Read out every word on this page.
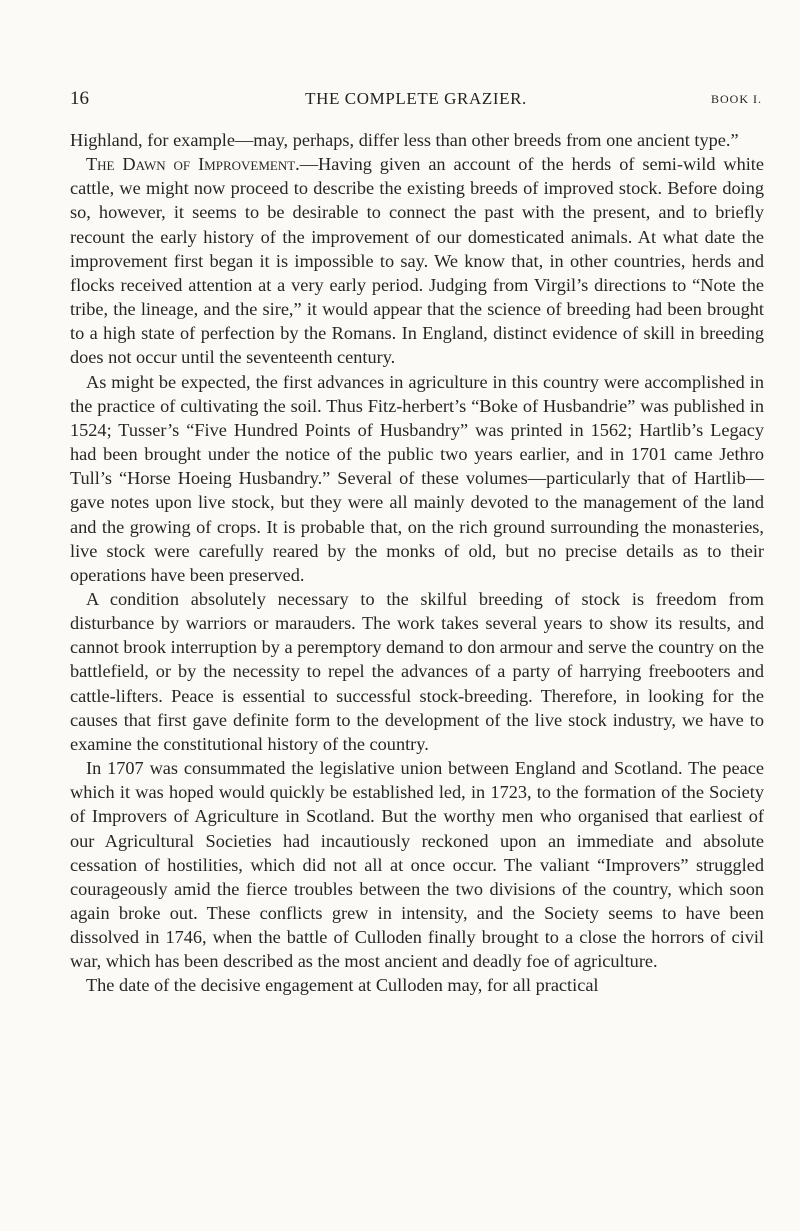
16	THE COMPLETE GRAZIER.	BOOK I.

Highland, for example—may, perhaps, differ less than other breeds from one ancient type.”

The Dawn of Improvement.—Having given an account of the herds of semi-wild white cattle, we might now proceed to describe the existing breeds of improved stock. Before doing so, however, it seems to be desirable to connect the past with the present, and to briefly recount the early history of the improvement of our domesticated animals. At what date the improvement first began it is impossible to say. We know that, in other countries, herds and flocks received attention at a very early period. Judging from Virgil’s directions to “Note the tribe, the lineage, and the sire,” it would appear that the science of breeding had been brought to a high state of perfection by the Romans. In England, distinct evidence of skill in breeding does not occur until the seventeenth century.

As might be expected, the first advances in agriculture in this country were accomplished in the practice of cultivating the soil. Thus Fitz-herbert’s “Boke of Husbandrie” was published in 1524; Tusser’s “Five Hundred Points of Husbandry” was printed in 1562; Hartlib’s Legacy had been brought under the notice of the public two years earlier, and in 1701 came Jethro Tull’s “Horse Hoeing Husbandry.” Several of these volumes—particularly that of Hartlib—gave notes upon live stock, but they were all mainly devoted to the management of the land and the growing of crops. It is probable that, on the rich ground surrounding the monasteries, live stock were carefully reared by the monks of old, but no precise details as to their operations have been preserved.

A condition absolutely necessary to the skilful breeding of stock is freedom from disturbance by warriors or marauders. The work takes several years to show its results, and cannot brook interruption by a peremptory demand to don armour and serve the country on the battlefield, or by the necessity to repel the advances of a party of harrying freebooters and cattle-lifters. Peace is essential to successful stock-breeding. Therefore, in looking for the causes that first gave definite form to the development of the live stock industry, we have to examine the constitutional history of the country.

In 1707 was consummated the legislative union between England and Scotland. The peace which it was hoped would quickly be established led, in 1723, to the formation of the Society of Improvers of Agriculture in Scotland. But the worthy men who organised that earliest of our Agricultural Societies had incautiously reckoned upon an immediate and absolute cessation of hostilities, which did not all at once occur. The valiant “Improvers” struggled courageously amid the fierce troubles between the two divisions of the country, which soon again broke out. These conflicts grew in intensity, and the Society seems to have been dissolved in 1746, when the battle of Culloden finally brought to a close the horrors of civil war, which has been described as the most ancient and deadly foe of agriculture.

The date of the decisive engagement at Culloden may, for all practical
